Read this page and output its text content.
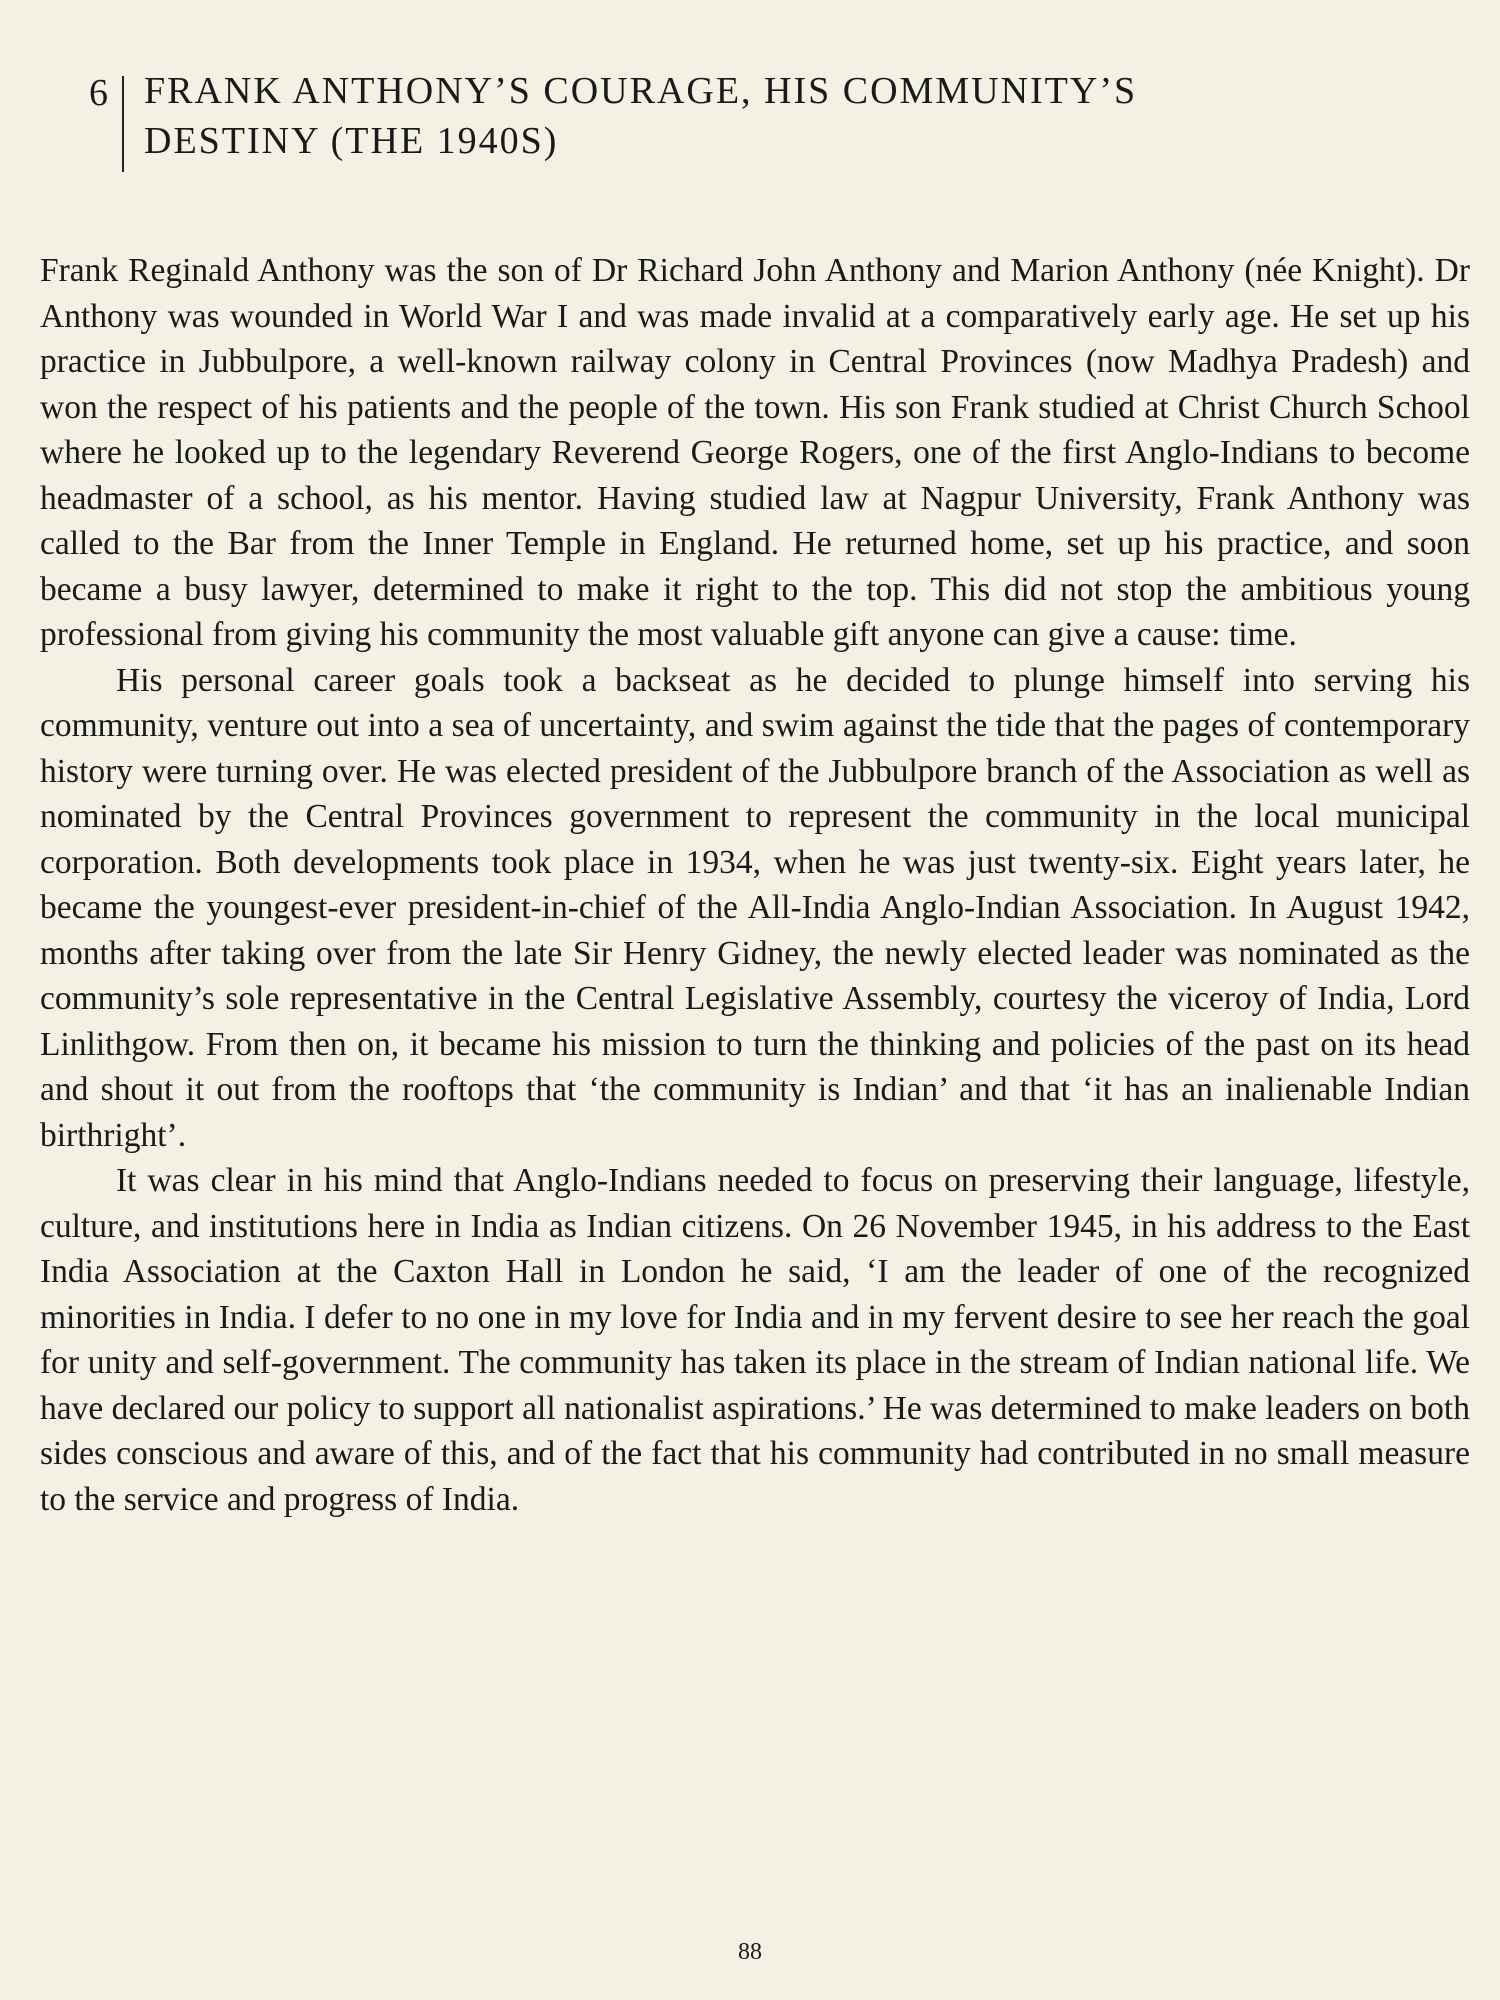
6 FRANK ANTHONY’S COURAGE, HIS COMMUNITY’S
DESTINY (THE 1940S)

Frank Reginald Anthony was the son of Dr Richard John Anthony and Marion Anthony (née Knight). Dr Anthony was wounded in World War I and was made invalid at a comparatively early age. He set up his practice in Jubbulpore, a well-known railway colony in Central Provinces (now Madhya Pradesh) and won the respect of his patients and the people of the town. His son Frank studied at Christ Church School where he looked up to the legendary Reverend George Rogers, one of the first Anglo-Indians to become headmaster of a school, as his mentor. Having studied law at Nagpur University, Frank Anthony was called to the Bar from the Inner Temple in England. He returned home, set up his practice, and soon became a busy lawyer, determined to make it right to the top. This did not stop the ambitious young professional from giving his community the most valuable gift anyone can give a cause: time.

His personal career goals took a backseat as he decided to plunge himself into serving his community, venture out into a sea of uncertainty, and swim against the tide that the pages of contemporary history were turning over. He was elected president of the Jubbulpore branch of the Association as well as nominated by the Central Provinces government to represent the community in the local municipal corporation. Both developments took place in 1934, when he was just twenty-six. Eight years later, he became the youngest-ever president-in-chief of the All-India Anglo-Indian Association. In August 1942, months after taking over from the late Sir Henry Gidney, the newly elected leader was nominated as the community’s sole representative in the Central Legislative Assembly, courtesy the viceroy of India, Lord Linlithgow. From then on, it became his mission to turn the thinking and policies of the past on its head and shout it out from the rooftops that ‘the community is Indian’ and that ‘it has an inalienable Indian birthright’.

It was clear in his mind that Anglo-Indians needed to focus on preserving their language, lifestyle, culture, and institutions here in India as Indian citizens. On 26 November 1945, in his address to the East India Association at the Caxton Hall in London he said, ‘I am the leader of one of the recognized minorities in India. I defer to no one in my love for India and in my fervent desire to see her reach the goal for unity and self-government. The community has taken its place in the stream of Indian national life. We have declared our policy to support all nationalist aspirations.’ He was determined to make leaders on both sides conscious and aware of this, and of the fact that his community had contributed in no small measure to the service and progress of India.

88
